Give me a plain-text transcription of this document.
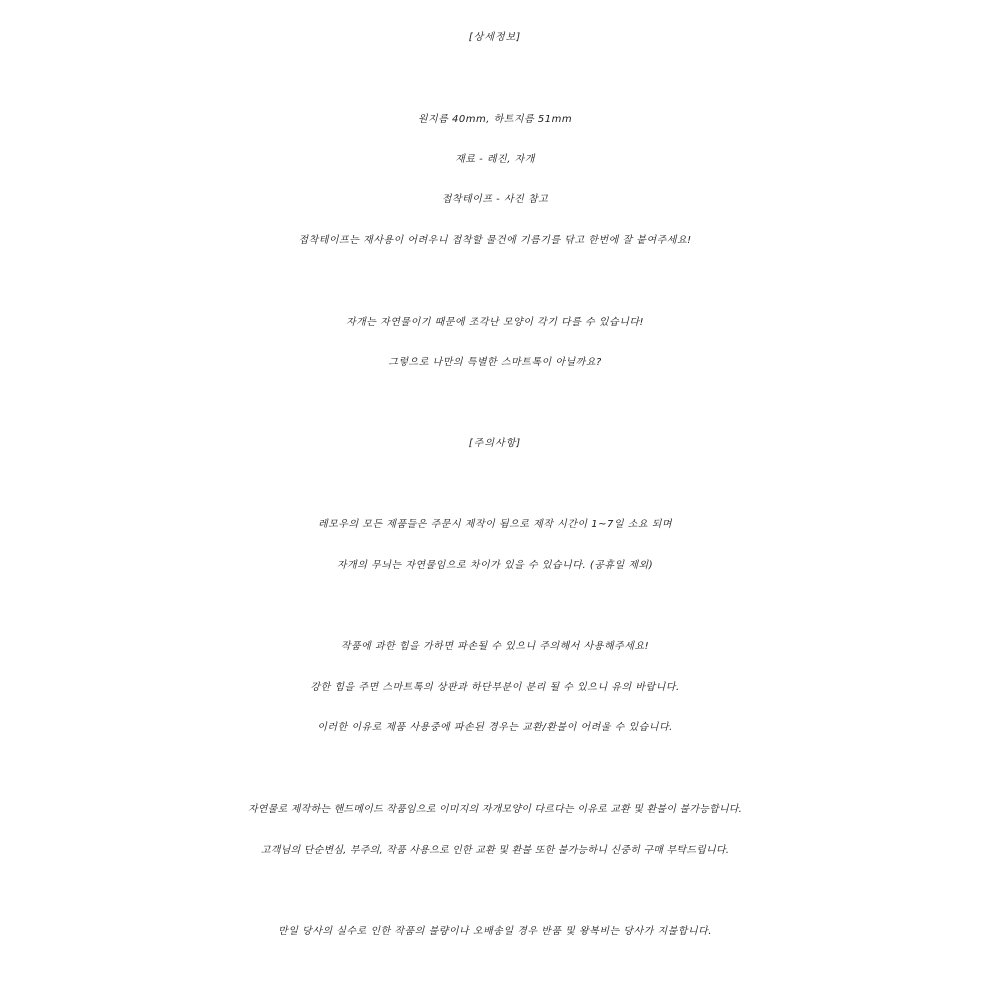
[상세정보]
원지름 40mm, 하트지름 51mm
재료 - 레진, 자개
접착테이프 - 사진 참고
접착테이프는 재사용이 어려우니 접착할 물건에 기름기를 닦고 한번에 잘 붙여주세요!
자개는 자연물이기 때문에 조각난 모양이 각기 다를 수 있습니다!
그렇으로 나만의 특별한 스마트톡이 아닐까요?
[주의사항]
레모우의 모든 제품들은 주문시 제작이 됨으로 제작 시간이 1~7일 소요 되며
자개의 무늬는 자연물임으로 차이가 있을 수 있습니다. (공휴일 제외)
작품에 과한 힘을 가하면 파손될 수 있으니 주의해서 사용해주세요!
강한 힘을 주면 스마트톡의 상판과 하단부분이 분리 될 수 있으니 유의 바랍니다.
이러한 이유로 제품 사용중에 파손된 경우는 교환/환불이 어려울 수 있습니다.
자연물로 제작하는 핸드메이드 작품임으로 이미지의 자개모양이 다르다는 이유로 교환 및 환불이 불가능합니다.
고객님의 단순변심, 부주의, 작품 사용으로 인한 교환 및 환불 또한 불가능하니 신중히 구매 부탁드립니다.
만일 당사의 실수로 인한 작품의 불량이나 오배송일 경우 반품 및 왕복비는 당사가 지불합니다.
